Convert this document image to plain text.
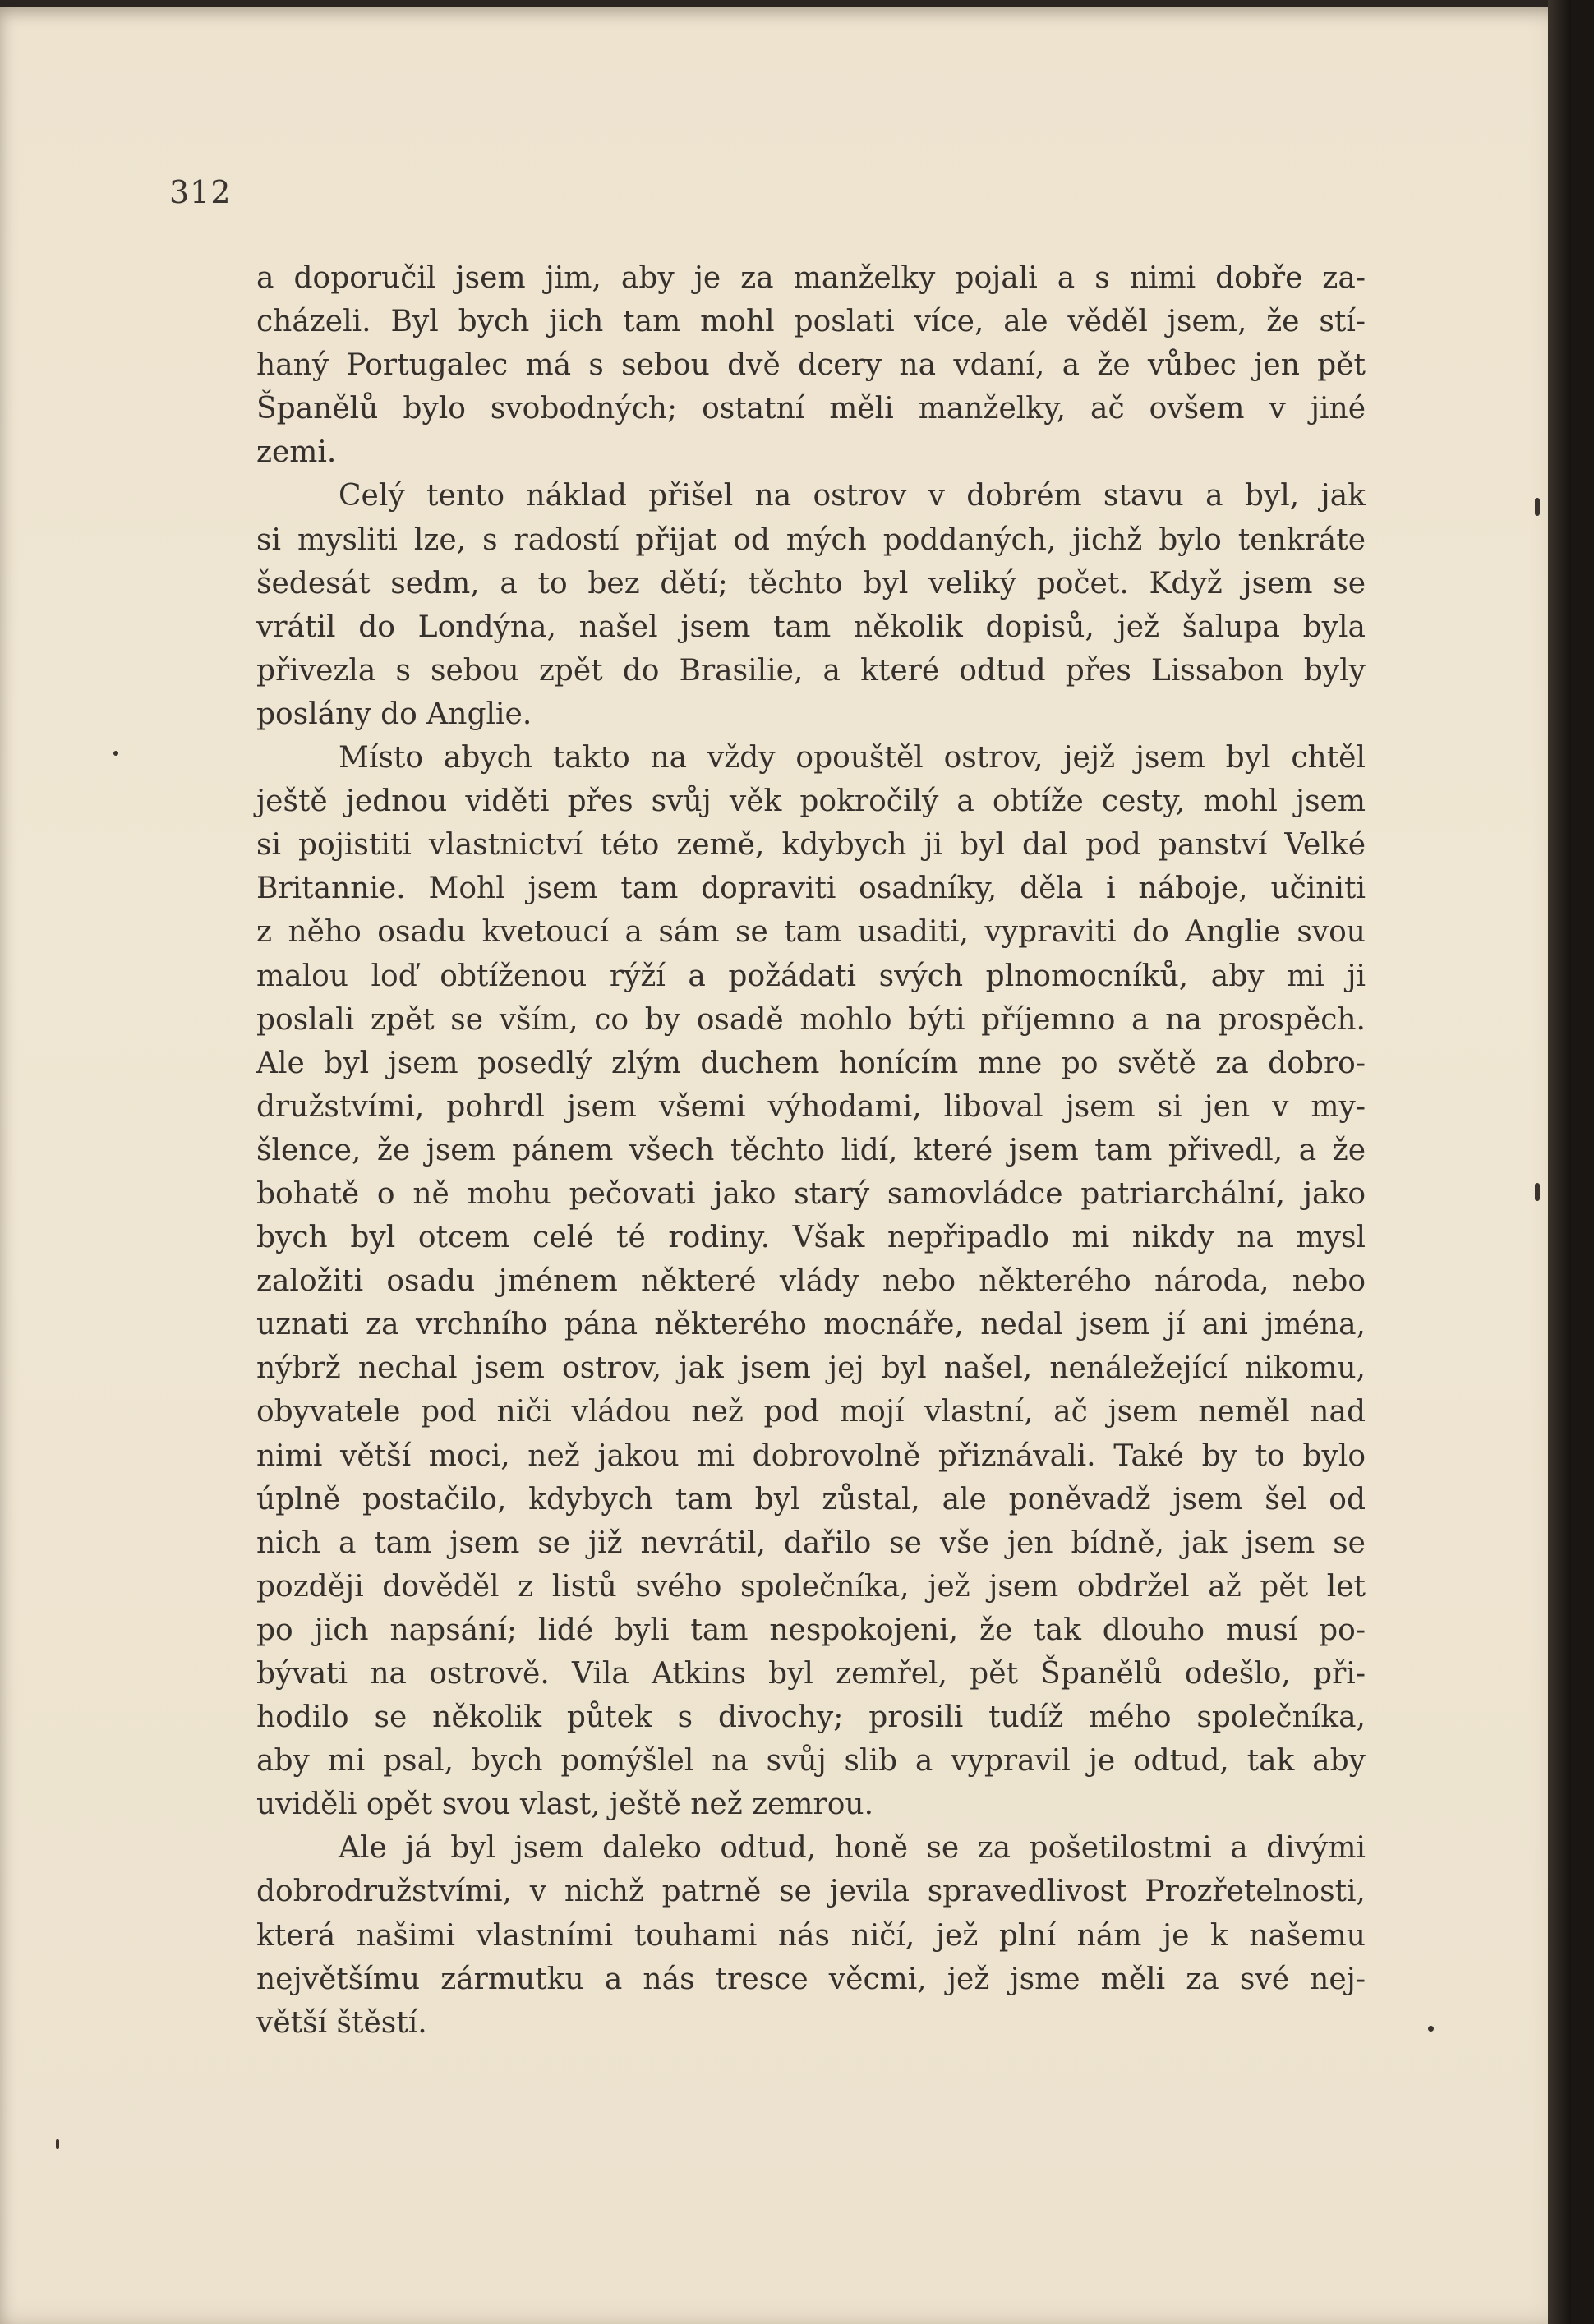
312
a doporučil jsem jim, aby je za manželky pojali a s nimi dobře za-
cházeli. Byl bych jich tam mohl poslati více, ale věděl jsem, že stí-
haný Portugalec má s sebou dvě dcery na vdaní, a že vůbec jen pět
Španělů bylo svobodných; ostatní měli manželky, ač ovšem v jiné
zemi.
Celý tento náklad přišel na ostrov v dobrém stavu a byl, jak
si mysliti lze, s radostí přijat od mých poddaných, jichž bylo tenkráte
šedesát sedm, a to bez dětí; těchto byl veliký počet. Když jsem se
vrátil do Londýna, našel jsem tam několik dopisů, jež šalupa byla
přivezla s sebou zpět do Brasilie, a které odtud přes Lissabon byly
poslány do Anglie.
Místo abych takto na vždy opouštěl ostrov, jejž jsem byl chtěl
ještě jednou viděti přes svůj věk pokročilý a obtíže cesty, mohl jsem
si pojistiti vlastnictví této země, kdybych ji byl dal pod panství Velké
Britannie. Mohl jsem tam dopraviti osadníky, děla i náboje, učiniti
z něho osadu kvetoucí a sám se tam usaditi, vypraviti do Anglie svou
malou loď obtíženou rýží a požádati svých plnomocníků, aby mi ji
poslali zpět se vším, co by osadě mohlo býti příjemno a na prospěch.
Ale byl jsem posedlý zlým duchem honícím mne po světě za dobro-
družstvími, pohrdl jsem všemi výhodami, liboval jsem si jen v my-
šlence, že jsem pánem všech těchto lidí, které jsem tam přivedl, a že
bohatě o ně mohu pečovati jako starý samovládce patriarchální, jako
bych byl otcem celé té rodiny. Však nepřipadlo mi nikdy na mysl
založiti osadu jménem některé vlády nebo některého národa, nebo
uznati za vrchního pána některého mocnáře, nedal jsem jí ani jména,
nýbrž nechal jsem ostrov, jak jsem jej byl našel, nenáležející nikomu,
obyvatele pod niči vládou než pod mojí vlastní, ač jsem neměl nad
nimi větší moci, než jakou mi dobrovolně přiznávali. Také by to bylo
úplně postačilo, kdybych tam byl zůstal, ale poněvadž jsem šel od
nich a tam jsem se již nevrátil, dařilo se vše jen bídně, jak jsem se
později dověděl z listů svého společníka, jež jsem obdržel až pět let
po jich napsání; lidé byli tam nespokojeni, že tak dlouho musí po-
bývati na ostrově. Vila Atkins byl zemřel, pět Španělů odešlo, při-
hodilo se několik půtek s divochy; prosili tudíž mého společníka,
aby mi psal, bych pomýšlel na svůj slib a vypravil je odtud, tak aby
uviděli opět svou vlast, ještě než zemrou.
Ale já byl jsem daleko odtud, honě se za pošetilostmi a divými
dobrodružstvími, v nichž patrně se jevila spravedlivost Prozřetelnosti,
která našimi vlastními touhami nás ničí, jež plní nám je k našemu
největšímu zármutku a nás tresce věcmi, jež jsme měli za své nej-
větší štěstí.
